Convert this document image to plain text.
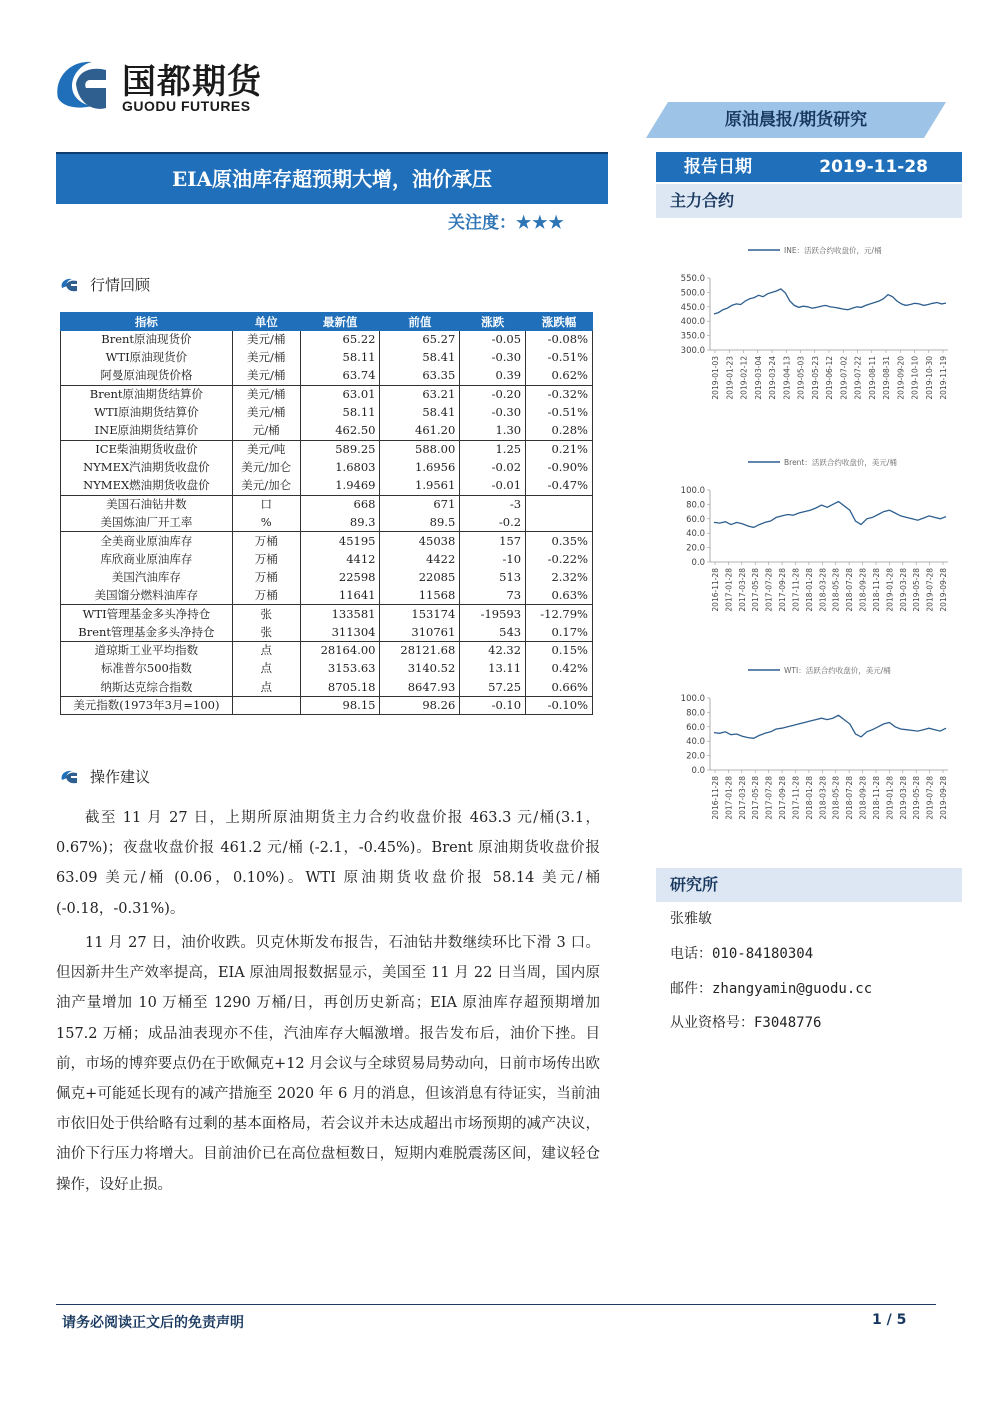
国都期货
GUODU FUTURES
原油晨报/期货研究
EIA原油库存超预期大增，油价承压
关注度：★★★
行情回顾
指标	单位	最新值	前值	涨跌	涨跌幅
Brent原油现货价	美元/桶	65.22	65.27	-0.05	-0.08%
WTI原油现货价	美元/桶	58.11	58.41	-0.30	-0.51%
阿曼原油现货价格	美元/桶	63.74	63.35	0.39	0.62%
Brent原油期货结算价	美元/桶	63.01	63.21	-0.20	-0.32%
WTI原油期货结算价	美元/桶	58.11	58.41	-0.30	-0.51%
INE原油期货结算价	元/桶	462.50	461.20	1.30	0.28%
ICE柴油期货收盘价	美元/吨	589.25	588.00	1.25	0.21%
NYMEX汽油期货收盘价	美元/加仑	1.6803	1.6956	-0.02	-0.90%
NYMEX燃油期货收盘价	美元/加仑	1.9469	1.9561	-0.01	-0.47%
美国石油钻井数	口	668	671	-3	
美国炼油厂开工率	%	89.3	89.5	-0.2	
全美商业原油库存	万桶	45195	45038	157	0.35%
库欣商业原油库存	万桶	4412	4422	-10	-0.22%
美国汽油库存	万桶	22598	22085	513	2.32%
美国馏分燃料油库存	万桶	11641	11568	73	0.63%
WTI管理基金多头净持仓	张	133581	153174	-19593	-12.79%
Brent管理基金多头净持仓	张	311304	310761	543	0.17%
道琼斯工业平均指数	点	28164.00	28121.68	42.32	0.15%
标准普尔500指数	点	3153.63	3140.52	13.11	0.42%
纳斯达克综合指数	点	8705.18	8647.93	57.25	0.66%
美元指数(1973年3月=100)		98.15	98.26	-0.10	-0.10%
操作建议
截至 11 月 27 日，上期所原油期货主力合约收盘价报 463.3 元/桶(3.1，0.67%)；夜盘收盘价报 461.2 元/桶 (-2.1，-0.45%)。Brent 原油期货收盘价报 63.09 美元/桶 (0.06，0.10%)。WTI 原油期货收盘价报 58.14 美元/桶 (-0.18，-0.31%)。
11 月 27 日，油价收跌。贝克休斯发布报告，石油钻井数继续环比下滑 3 口。但因新井生产效率提高，EIA 原油周报数据显示，美国至 11 月 22 日当周，国内原油产量增加 10 万桶至 1290 万桶/日，再创历史新高；EIA 原油库存超预期增加 157.2 万桶；成品油表现亦不佳，汽油库存大幅激增。报告发布后，油价下挫。目前，市场的博弈要点仍在于欧佩克+12 月会议与全球贸易局势动向，日前市场传出欧佩克+可能延长现有的减产措施至 2020 年 6 月的消息，但该消息有待证实，当前油市依旧处于供给略有过剩的基本面格局，若会议并未达成超出市场预期的减产决议，油价下行压力将增大。目前油价已在高位盘桓数日，短期内难脱震荡区间，建议轻仓操作，设好止损。
报告日期	2019-11-28
主力合约
INE：活跃合约收盘价，元/桶
300.0
350.0
400.0
450.0
500.0
550.0
2019-01-03 2019-01-23 2019-02-12 2019-03-04 2019-03-24 2019-04-13 2019-05-03 2019-05-23 2019-06-12 2019-07-02 2019-07-22 2019-08-11 2019-08-31 2019-09-20 2019-10-10 2019-10-30 2019-11-19
Brent：活跃合约收盘价，美元/桶
0.0
20.0
40.0
60.0
80.0
100.0
2016-11-28 2017-01-28 2017-03-28 2017-05-28 2017-07-28 2017-09-28 2017-11-28 2018-01-28 2018-03-28 2018-05-28 2018-07-28 2018-09-28 2018-11-28 2019-01-28 2019-03-28 2019-05-28 2019-07-28 2019-09-28
WTI：活跃合约收盘价，美元/桶
0.0
20.0
40.0
60.0
80.0
100.0
2016-11-28 2017-01-28 2017-03-28 2017-05-28 2017-07-28 2017-09-28 2017-11-28 2018-01-28 2018-03-28 2018-05-28 2018-07-28 2018-09-28 2018-11-28 2019-01-28 2019-03-28 2019-05-28 2019-07-28 2019-09-28
研究所
张雅敏
电话：010-84180304
邮件：zhangyamin@guodu.cc
从业资格号：F3048776
请务必阅读正文后的免责声明	1 / 5
